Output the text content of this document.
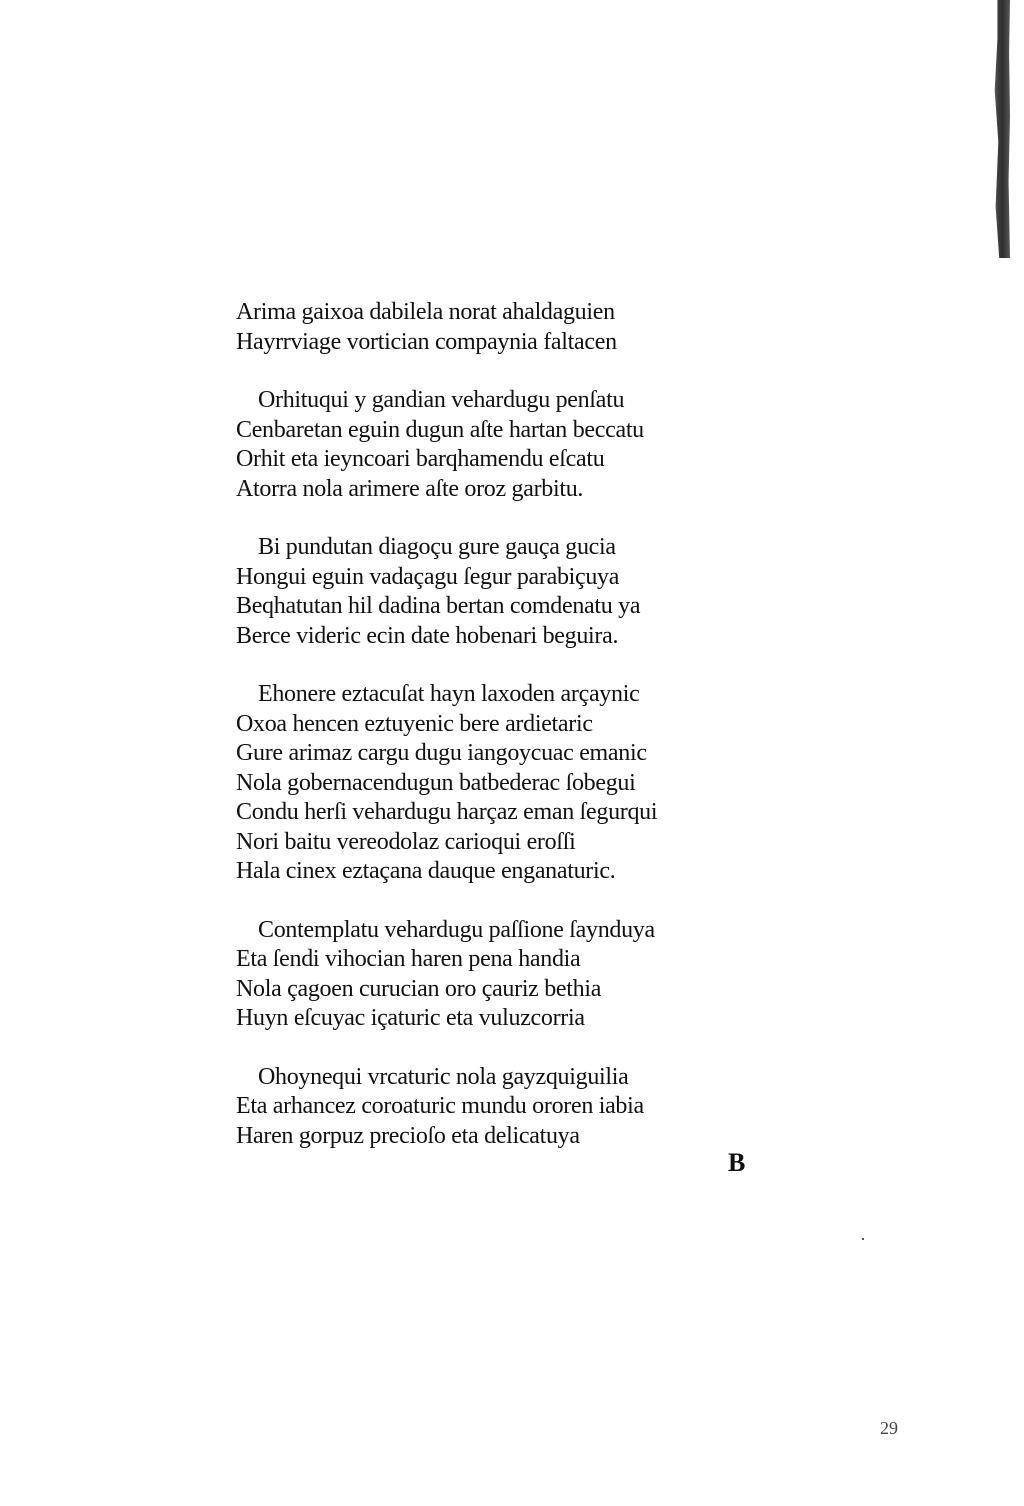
Arima gaixoa dabilela norat ahaldaguien
Hayrrviage vortician compaynia faltacen
Orhituqui y gandian vehardugu penſatu
Cenbaretan eguin dugun aſte hartan beccatu
Orhit eta ieyncoari barqhamendu eſcatu
Atorra nola arimere aſte oroz garbitu.
Bi pundutan diagoçu gure gauça gucia
Hongui eguin vadaçagu ſegur parabiçuya
Beqhatutan hil dadina bertan comdenatu ya
Berce videric ecin date hobenari beguira.
Ehonere eztacuſat hayn laxoden arçaynic
Oxoa hencen eztuyenic bere ardietaric
Gure arimaz cargu dugu iangoycuac emanic
Nola gobernacendugun batbederac ſobegui
Condu herſi vehardugu harçaz eman ſegurqui
Nori baitu vereodolaz carioqui eroſſi
Hala cinex eztaçana dauque enganaturic.
Contemplatu vehardugu paſſione ſaynduya
Eta ſendi vihocian haren pena handia
Nola çagoen curucian oro çauriz bethia
Huyn eſcuyac içaturic eta vuluzcorria
Ohoynequi vrcaturic nola gayzquiguilia
Eta arhancez coroaturic mundu ororen iabia
Haren gorpuz precioſo eta delicatuya
B
29
